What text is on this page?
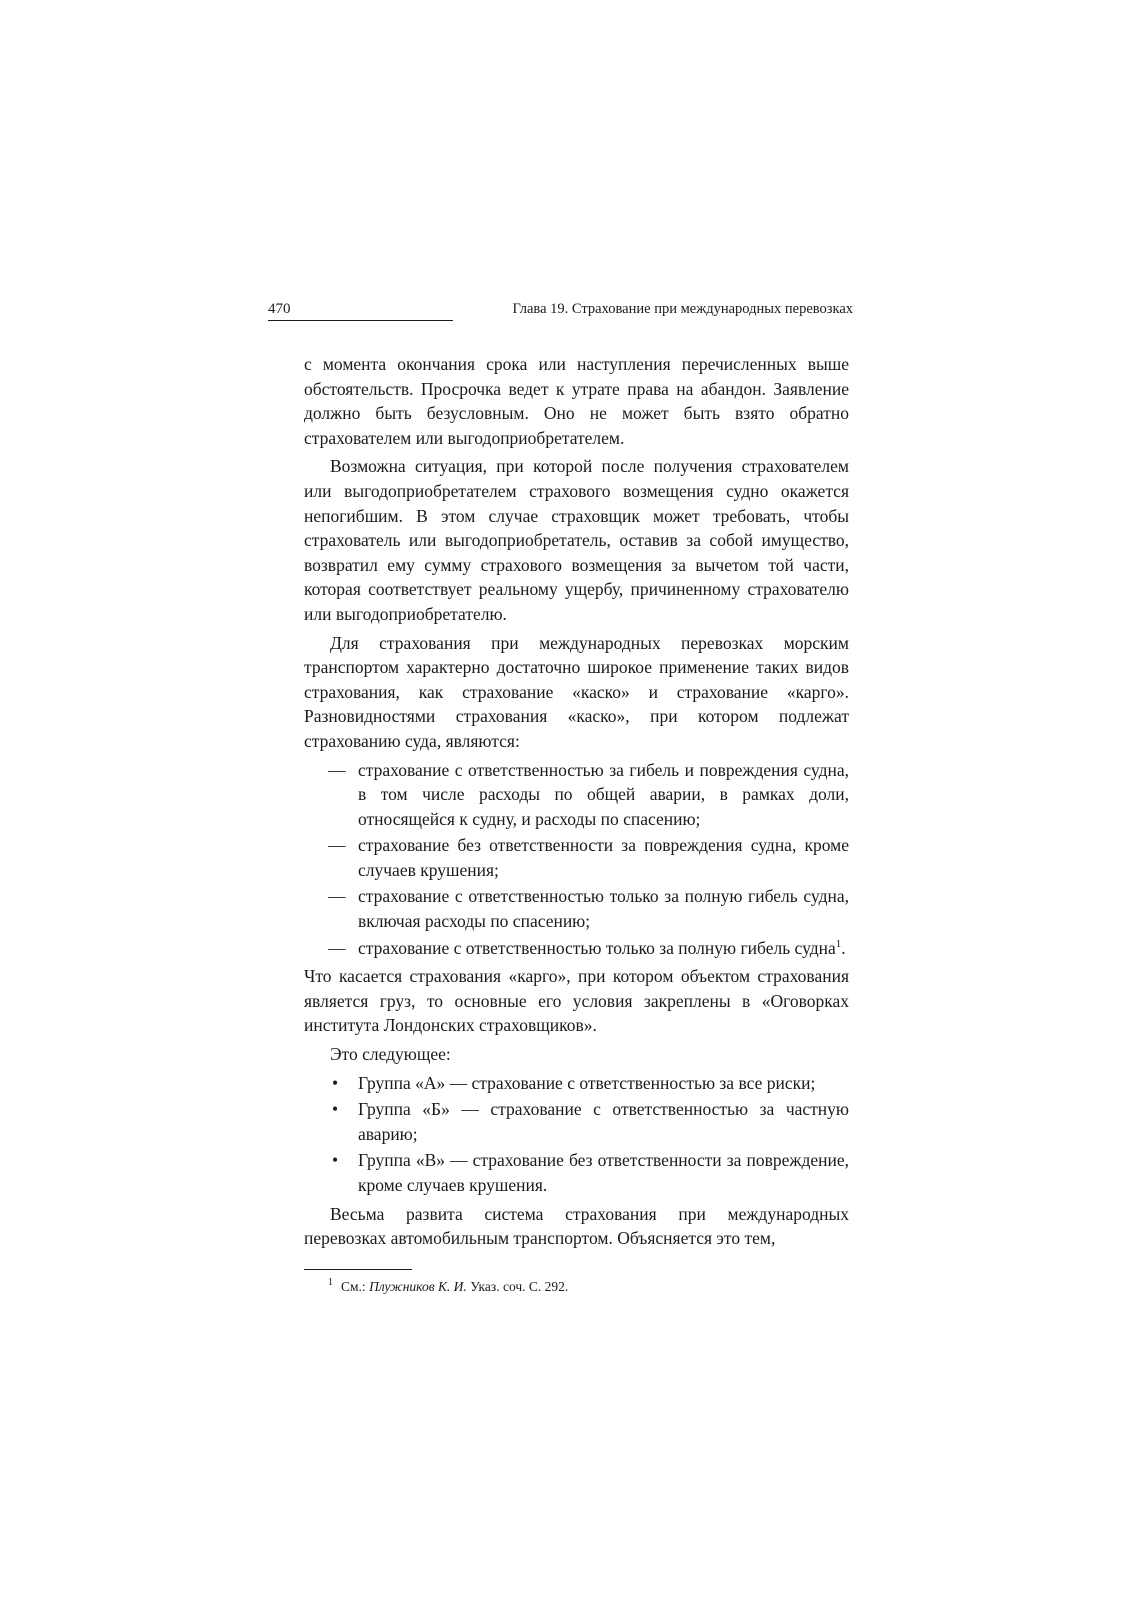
470	Глава 19. Страхование при международных перевозках

с момента окончания срока или наступления перечисленных выше обстоятельств. Просрочка ведет к утрате права на абандон. Заявление должно быть безусловным. Оно не может быть взято обратно страхователем или выгодоприобретателем.

Возможна ситуация, при которой после получения страхователем или выгодоприобретателем страхового возмещения судно окажется непогибшим. В этом случае страховщик может требовать, чтобы страхователь или выгодоприобретатель, оставив за собой имущество, возвратил ему сумму страхового возмещения за вычетом той части, которая соответствует реальному ущербу, причиненному страхователю или выгодоприобретателю.

Для страхования при международных перевозках морским транспортом характерно достаточно широкое применение таких видов страхования, как страхование «каско» и страхование «карго». Разновидностями страхования «каско», при котором подлежат страхованию суда, являются:

— страхование с ответственностью за гибель и повреждения судна, в том числе расходы по общей аварии, в рамках доли, относящейся к судну, и расходы по спасению;
— страхование без ответственности за повреждения судна, кроме случаев крушения;
— страхование с ответственностью только за полную гибель судна, включая расходы по спасению;
— страхование с ответственностью только за полную гибель судна$^1$.

Что касается страхования «карго», при котором объектом страхования является груз, то основные его условия закреплены в «Оговорках института Лондонских страховщиков».

Это следующее:

•	Группа «А» — страхование с ответственностью за все риски;
•	Группа «Б» — страхование с ответственностью за частную аварию;
•	Группа «В» — страхование без ответственности за повреждение, кроме случаев крушения.

Весьма развита система страхования при международных перевозках автомобильным транспортом. Объясняется это тем,

$^1$ См.: Плужников К. И. Указ. соч. С. 292.
